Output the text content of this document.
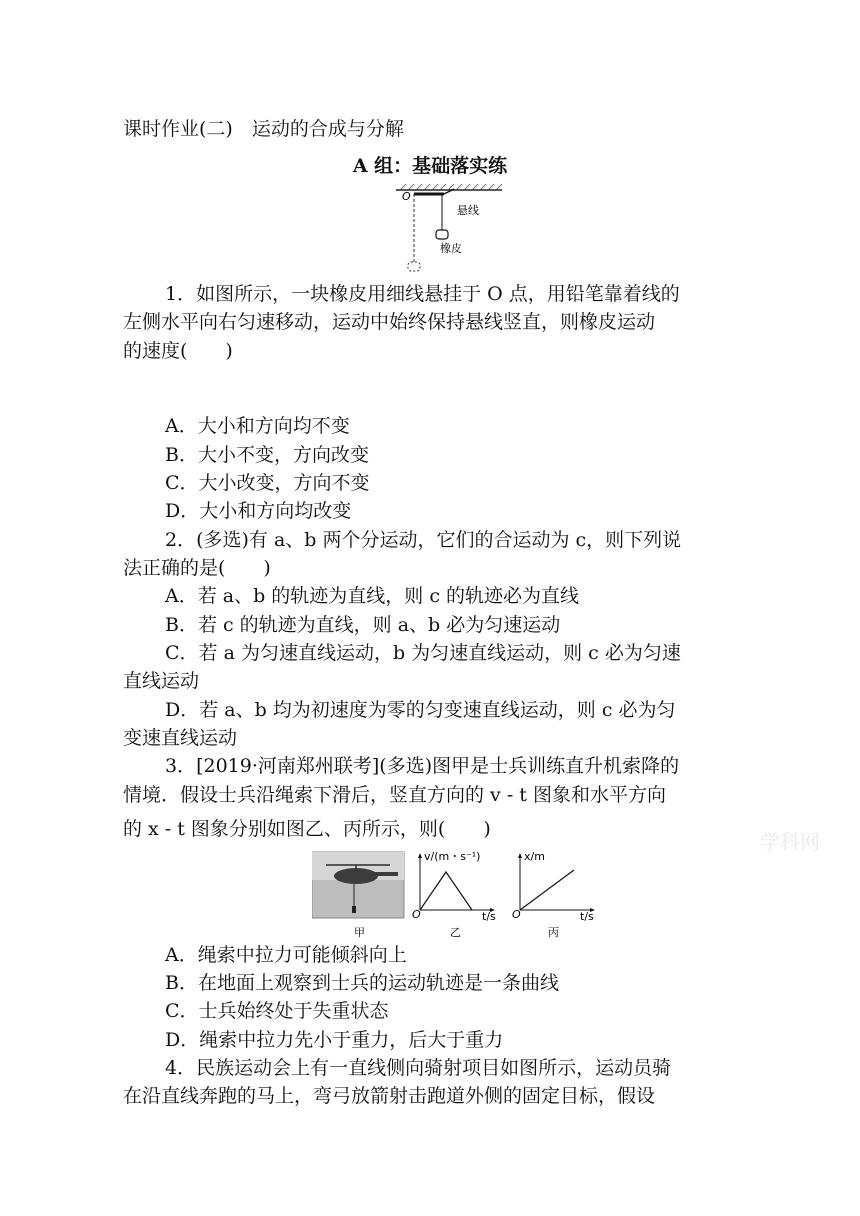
课时作业(二)　运动的合成与分解
A 组：基础落实练
O
悬线
橡皮
1．如图所示，一块橡皮用细线悬挂于 O 点，用铅笔靠着线的
左侧水平向右匀速移动，运动中始终保持悬线竖直，则橡皮运动
的速度(　　)
A．大小和方向均不变
B．大小不变，方向改变
C．大小改变，方向不变
D．大小和方向均改变
2．(多选)有 a、b 两个分运动，它们的合运动为 c，则下列说
法正确的是(　　)
A．若 a、b 的轨迹为直线，则 c 的轨迹必为直线
B．若 c 的轨迹为直线，则 a、b 必为匀速运动
C．若 a 为匀速直线运动，b 为匀速直线运动，则 c 必为匀速
直线运动
D．若 a、b 均为初速度为零的匀变速直线运动，则 c 必为匀
变速直线运动
3．[2019·河南郑州联考](多选)图甲是士兵训练直升机索降的
情境．假设士兵沿绳索下滑后，竖直方向的 v - t 图象和水平方向
的 x - t 图象分别如图乙、丙所示，则(　　)
学科网
甲
v/(m・s⁻¹)
O	t/s
乙
x/m
O	t/s
丙
A．绳索中拉力可能倾斜向上
B．在地面上观察到士兵的运动轨迹是一条曲线
C．士兵始终处于失重状态
D．绳索中拉力先小于重力，后大于重力
4．民族运动会上有一直线侧向骑射项目如图所示，运动员骑
在沿直线奔跑的马上，弯弓放箭射击跑道外侧的固定目标，假设
